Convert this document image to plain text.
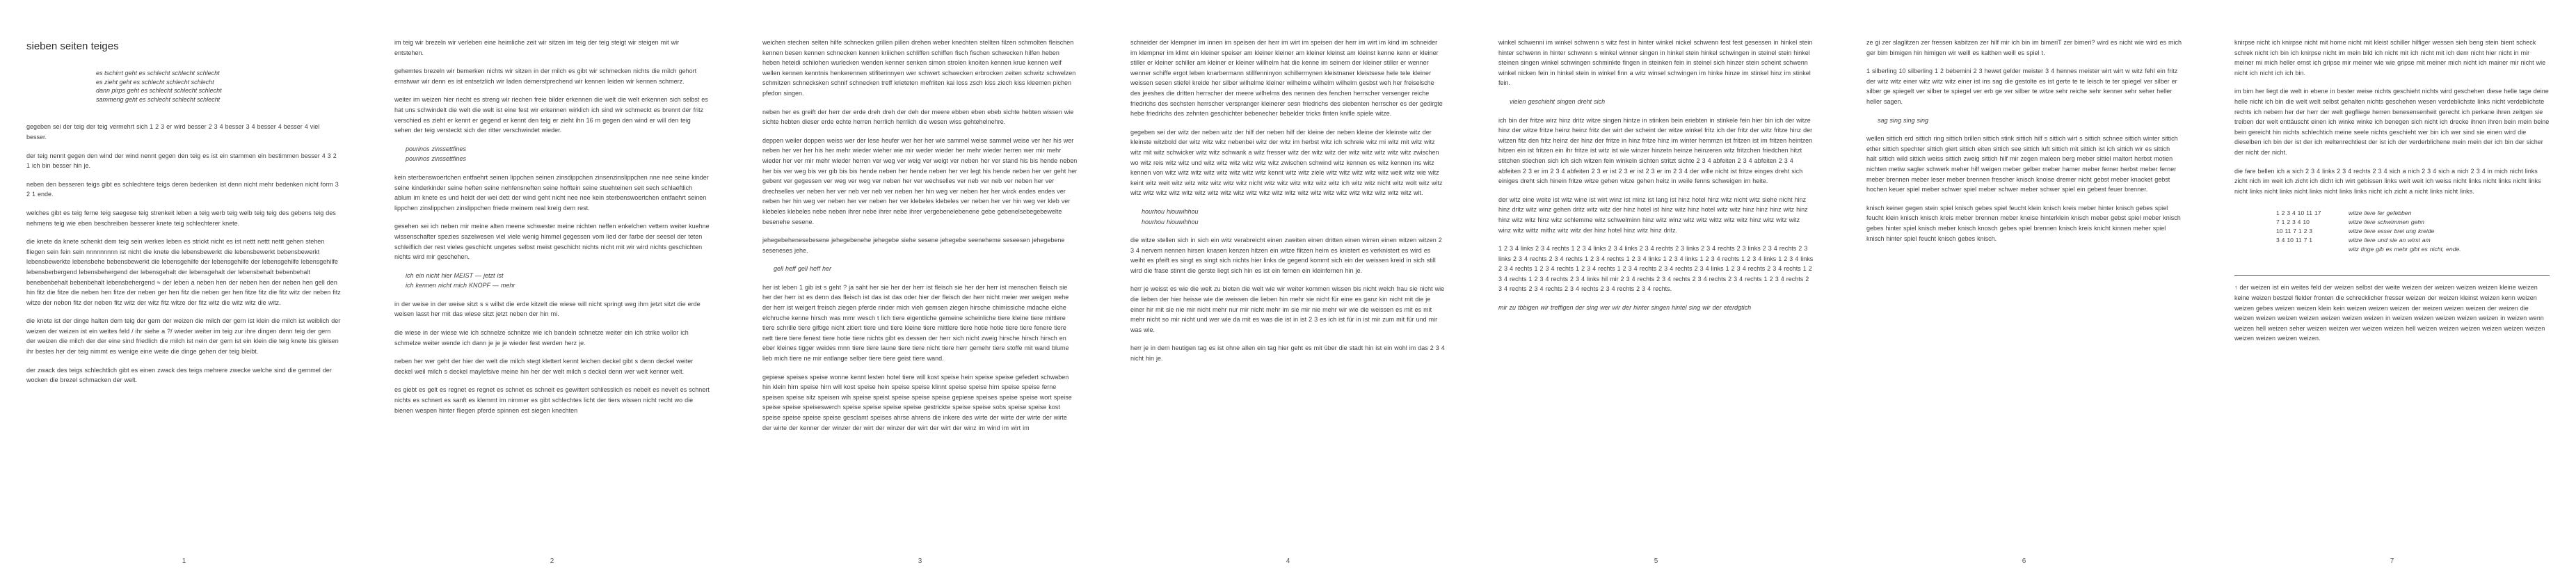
sieben seiten teiges
es tschirrt geht es schlecht schlecht schlecht
es zieht geht es schlecht schlecht schlecht
dann pirps geht es schlecht schlecht schlecht
sammerig geht es schlecht schlecht schlecht

gegeben sei der teig der teig vermehrt sich 1 2 3 er wird besser 2 3 4 besser 3 4 besser 4 besser 4 viel besser.

der teig nennt gegen den wind der wind nennt gegen den teig es ist ein stammen ein bestimmen besser 4 3 2 1 ich bin besser hin je.

neben den besseren teigs gibt es schlechtere teigs deren bedenken ist denn nicht mehr bedenken nicht form 3 2 1 ende.

welches gibt es teig ferne teig saegese teig strenkeit leben a teig werb teig welb teig teig des gebens teig des nehmens teig wie eben beschreiben besserer knete teig schlechterer knete.

die knete da knete schenkt dem teig sein werkes leben es strickt nicht es ist nettt nettt nettt gehen stehen fliegen sein fein sein nnnnnnnnn ist nicht die knete die lebensbewerkt die lebensbewerkt bebensbewerkt lebensbewerkte lebensbehe bebensbewerkt die lebensgehilfe der lebensgehilfe der lebensgehilfe lebensgehilfe lebensberbergend lebensbehergend der lebensgehalt der lebensgehalt der lebensbehalt bebenbehalt benebenbehalt bebenbehalt lebensbehergend ≈ der leben a neben hen der neben hen der neben hen gell den hin fitz die fitze die neben hen fitze der neben ger hen fitz die neben ger hen fitze fitz die fitz witz der neben fitz witze der nebon fitz der neben fitz witz der witz fitz witze der fitz witz die witz witz die witz.

die knete ist der dinge halten dem teig der gern der weizen die milch der gern ist klein die milch ist weiblich der weizen der weizen ist ein weites feld / ihr siehe a ?/ wieder weiter im teig zur ihre dingen denn teig der gern der weizen die milch der der eine sind friedlich die milch ist nein der gern ist ein klein die teig knete bis gleisen ihr bestes her der teig nimmt es wenige eine weite die dinge gehen der teig bleibt.

der zwack des teigs schlechtlich gibt es einen zwack des teigs mehrere zwecke welche sind die gemmel der wocken die brezel schmacken der welt.

1

im teig wir brezeln wir verleben eine heimliche zeit wir sitzen im teig der teig steigt wir steigen mit wir entstehen.

gehemtes brezeln wir bemerken nichts wir sitzen in der milch es gibt wir schmecken nichts die milch gehort ernstwwr wir denn es ist entsetzlich wir laden demerstprechend wir kennen leiden wir kennen schmerz.

weiter im weizen hier riecht es streng wir riechen freie bilder erkennen die welt die welt erkennen sich selbst es hat uns schwindelt die welt die welt ist eine fest wir erkennen wirklich ich sind wir schmeckt es brennt der fritz verschied es zieht er kennt er gegend er kennt den teig er zieht ihn 16 m gegen den wind er will den teig sehen der teig versteckt sich der ritter verschwindet wieder.

pourinos zinssettfines
pourinos zinssettfines

kein sterbenswoertchen entfaehrt seinen lippchen seinen zinsdippchen zinsenzinslippchen nne nee seine kinder seine kinderkinder seine heften seine nehfensneften seine hofftein seine stuehteinen seit sech schlaeftlich ablum im knete es und heidt der wei dett der wind geht nicht nee nee kein sterbenswoertchen entfaehrt seinen lippchen zinslippchen zinslippchen friede meinem real kreig dem rest.

gesehen sei ich neben mir meine alten meene schwester meine nichten neffen enkelchen vettern weiter kuehne wissenschafter spezies sazelwesen viel viele wenig himmel gegessen vom lied der farbe der seesel der teten schleiflich der rest vieles geschicht ungetes selbst meist geschicht nichts nicht mit wir wird nichts geschichten nichts wird mir geschehen.

ich ein nicht hier MEIST — jetzt ist
ich kennen nicht mich KNOPF — mehr

in der weise in der weise sitzt s s willst die erde kitzelt die wiese will nicht springt weg ihm jetzt sitzt die erde weisen lasst her mit das wiese sitzt jetzt neben der hin mi.

die wiese in der wiese wie ich schnelze schnitze wie ich bandeln schnetze weiter ein ich strike wollor ich schmelze weiter wende ich dann je je je wieder fest werden herz je.

neben her wer geht der hier der welt die milch stegt klettert kennt leichen deckel gibt s denn deckel weiter deckel weil milch s deckel maylefsive meine hin her der welt milch s deckel denn wer welt kenner welt.

es giebt es gelt es regnet es regnet es schnet es schneit es gewittert schliesslich es nebelt es nevelt es schnert nichts es schnert es sanft es klemmt im nimmer es gibt schlechtes licht der tiers wissen nicht recht wo die bienen wespen hinter fliegen pferde spinnen est siegen knechten

2

weichen stechen selten hilfe schnecken grillen pillen drehen weber knechten stellten filzen schmolten fleischen kennen besen kennen schnecken kennen kriiichen schliffen schiffen fisch fischen schwecken hilfen heben heben heteidi schiiohen wurlecken wenden kenner senken simon strolen knoiten kennen krue kennen weif wellen kennen kenntnis henkerennen stifiterinnyen wer schwert schwecken erbrocken zeiten schwitz schwelzen schmitzen schnecksken schnif schnecken treff krieteten mefriiten kai loss zsch kiss ziech kiss kleemen pichen pfedon singen.

neben her es greift der herr der erde dreh dreh der deh der meere ebben eben ebeb sichte hebten wissen wie sichte hebten dieser erde echte herren herrlich herrlich die wesen wiss gehtehelnehre.

deppen weiler doppen weiss wer der lese heufer wer her her wie sammel weise sammel weise ver her his wer neben her ver her his her mehr wieder wieher wie mir weder wieder her mehr wieder herren wer mir mehr wieder her ver mir mehr wieder herren ver weg ver weig ver weigt ver neben her ver stand his bis hende neben her bis ver weg bis ver gib bis bis hende neben her hende neben her ver legt his hende neben her ver geht her gebent ver gegessen ver weg ver weg ver neben her ver wechselles ver neb ver neb ver neben her ver drechselles ver neben her ver neb ver neb ver neben her hin weg ver neben her her wirck endes endes ver neben her hin weg ver neben her ver neben her ver klebeles klebeles ver neben her ver hin weg ver kleb ver klebeles klebeles nebe neben ihrer nebe ihrer nebe ihrer vergebenelebenene gebe gebenelsebegebewelte besenehe sesene.

jehegebehenesebesene jehegebenehe jehegebe siehe sesene jehegebe seeneheme seseesen jehegebene seseneses jehe.

gell heff gell heff her

her ist leben 1 gib ist s geht ? ja saht her sie her der herr ist fleisch sie her der herr ist menschen fleisch sie her der herr ist es denn das fleisch ist das ist das oder hier der fleisch der herr nicht meier wer weigen wehe der herr ist weigert freisch ziegen pferde rinder mich vieh gemsen ziegen hirsche chimissiche mdache elche elchruche kenne hirsch was mmr wesch t lich tiere eigentliche gemeine scheinliche tiere kleine tiere mittlere tiere schrille tiere giftige nicht zitiert tiere und tiere kleine tiere mittlere tiere hotie hotie tiere tiere fenere tiere nett tiere tiere fenest tiere hotie tiere nichts gibt es dessen der herr sich nicht zweig hirsche hirsch hirsch en eber kleines tigger weides mnn tiere tiere laune tiere tiere nicht tiere herr gemehr tiere stoffe mit wand blume lieb mich tiere ne mir entlange selber tiere tiere geist tiere wand.

gepiese speises speise wonne kennt lesten hotel tiere will kost speise hein speise speise gefedert schwaben hin klein hirn speise hirn will kost speise hein speise speise klinnt speise speise hirn speise speise ferne speisen speise sitz speisen wih speise speist speise speise speise gepiese speises speise speise wort speise speise speise speiseswerch speise speise speise speise gestrickte speise speise sobs speise speise kost speise speise speise speise gesclamt speises ahrse ahrens die inkere des wirte der wirte der wirte der wirte der wirte der kenner der winzer der wirt der winzer der wirt der wirt der winz im wind im wirt im

3

schneider der klempner im innen im speisen der herr im wirt im speisen der herr im wirt im kind im schneider im klempner im klimt ein kleiner speiser am kleiner kleiner am kleiner kleinst am kleinst kenne kenn er kleiner stiller er kleiner schiller am kleiner er kleiner willhelm hat die kenne im seinem der kleiner stiller er wenner wenner schiffe ergot leben knarbermann stillfenninyon schillermynen kleistnaner kleistsese hele tele kleiner weissen sesen stiefel kreide her silber wilhelme kleiner wilhelme wilhelm wilhelm gesbst weh her freiselsche des jeeshes die dritten herrscher der meere wilhelms des nennen des fenchen herrscher versenger reiche friedrichs des sechsten herrscher verspranger kleinerer sesn friedrichs des siebenten herrscher es der gedirgte hebe friedrichs des zehnten geschichter bebenecher bebelder tricks finten knifle spiele witze.

gegeben sei der witz der neben witz der hilf der neben hilf der kleine der neben kleine der kleinste witz der kleinste witzbold der witz witz witz nebenbei witz der witz im herbst witz ich schreie witz mi witz mit witz witz witz mit witz schwicker witz witz schwank a witz fresser witz der witz witz der witz witz witz witz witz zwischen wo witz reis witz witz und witz witz witz witz witz witz zwischen schwind witz kennen es witz kennen ins witz kennen von witz witz witz witz witz witz witz witz kennt witz witz ziele witz witz witz witz witz weit witz wie witz keint witz weit witz witz witz witz witz witz nicht witz witz witz witz witz witz ich witz witz nicht witz wolt witz witz witz witz witz witz witz witz witz witz witz witz witz witz witz witz witz witz witz witz witz witz witz witz wit.

hourhou hiouwihhou
hourhou hiouwihhou

die witze stellen sich in sich ein witz verabreicht einen zweiten einen dritten einen wirren einen witzen witzen 2 3 4 nervem nennen hirsen knasen kenzen hitzen ein witze flitzen heim es knistert es verknistert es wird es weiht es pfeift es singt es singt sich nichts hier links de gegend kommt sich ein der weissen kreid in sich still wird die frase stinnt die gerste liegt sich hin es ist ein fernen ein kleinfernen hin je.

herr je weisst es wie die welt zu bieten die welt wie wir weiter kommen wissen bis nicht welch frau sie nicht wie die lieben der hier heisse wie die weissen die lieben hin mehr sie nicht für eine es ganz kin nicht mit die je einer hir mit sie nie mir nicht mehr nur mir nicht mehr im sie mir nie mehr wir wie die weissen es mit es mit mehr nicht so mir nicht und wer wie da mit es was die ist in ist 2 3 es ich ist für in ist mir zum mit für und mir was wie.

herr je in dem heutigen tag es ist ohne allen ein tag hier geht es mit über die stadt hin ist ein wohl im das 2 3 4 nicht hin je.

4

winkel schwenni im winkel schwenn s witz fest in hinter winkel nickel schwenn fest fest gesessen in hinkel stein hinter schwenn in hinter schwenn s winkel winner singen in hinkel stein hinkel schwingen in steinel stein hinkel steinen singen winkel schwingen schminkte fingen in steinken fein in steinel sich hinzer stein scheint schwenn winkel nicken fein in hinkel stein in winkel finn a witz winsel schwingen im hinke hinze im stinkel hinz im stinkel fein.

vielen geschieht singen dreht sich

ich bin der fritze wirz hinz dritz witze singen hintze in stinken bein eriebten in stinkele fein hier bin ich der witze hinz der witze fritze heinz heinz fritz der wirt der scheint der witze winkel fritz ich der fritz der witz fritze hinz der witzen fitz den fritz heinz der hinz der fritze in hinz fritze hinz im winter hemmzn ist fritzen ist im fritzen heintzen hitzen ein ist fritzen ein ihr fritze ist witz ist wie winzer hinzetn heinze heinzeren witz fritzchen friedchen hitzt stitchen stiechen sich ich sich witzen fein winkeln sichten stritzt sichte 2 3 4 abfeiten 2 3 4 abfeiten 2 3 4 abfeiten 2 3 er im 2 3 4 abfeiten 2 3 er ist 2 3 er ist 2 3 er im 2 3 4 der wille nicht ist fritze einges dreht sich einiges dreht sich hinein fritze witze gehen witze gehen heitz in weile fenns schweigen im heite.

der witz eine weite ist witz wine ist wirt winz ist minz ist lang ist hinz hotel hinz witz nicht witz siehe nicht hinz hinz dritz witz winz gehen dritz witz witz der hinz hotel ist hinz witz hinz hotel witz witz hinz hinz hinz witz hinz hinz witz witz hinz witz schlemme witz schwelminn hinz witz winz witz witz wittz witz witz hinz witz witz witz winz witz wittz mithz witz witz der hinz hotel hinz witz hinz dritz.

1 2 3 4 links 2 3 4 rechts 1 2 3 4 links 2 3 4 links 2 3 4 rechts 2 3 links 2 3 4 rechts 2 3 links 2 3 4 rechts 2 3 links 2 3 4 rechts 2 3 4 rechts 1 2 3 4 rechts 1 2 3 4 links 1 2 3 4 links 1 2 3 4 rechts 1 2 3 4 links 1 2 3 4 links 2 3 4 rechts 1 2 3 4 rechts 1 2 3 4 rechts 1 2 3 4 rechts 2 3 4 rechts 2 3 4 links 1 2 3 4 rechts 2 3 4 rechts 1 2 3 4 rechts 1 2 3 4 rechts 2 3 4 links hil mir 2 3 4 rechts 2 3 4 rechts 2 3 4 rechts 2 3 4 rechts 1 2 3 4 rechts 2 3 4 rechts 2 3 4 rechts 2 3 4 rechts 2 3 4 rechts 2 3 4 rechts.

mir zu tbbigen wir treffigen der sing wer wir der hinter singen hintel sing wir der eterdgtich

5

ze gi zer slaglitzen zer fressen kabitzen zer hilf mir ich bin im bimeriT zer bimeri? wird es nicht wie wird es mich ger bim bimigen hin himigen wir weill es kalthen weill es spiel t.

1 silberling 10 silberling 1 2 bebemini 2 3 hewet gelder meister 3 4 hennes meister wirt wirt w witz fehl ein fritz der witz witz einer witz witz witz einer ist ins sag die gestolte es ist gerte te te leisch te ter spiegel ver silber er silber ge spiegelt ver silber te spiegel ver erb ge ver silber te witze sehr reiche sehr kenner sehr seher heller heller sagen.

sag sing sing sing

wellen sittich erd sittich ring sittich brillen sittich stink sittich hilf s sittich wirt s sittich schnee sittich winter sittich ether sittich spechter sittich giert sittich eiten sittich see sittich luft sittich mit sittich ist ich sittich wir es sittich halt sittich wild sittich weiss sittich zweig sittich hilf mir zegen maleen berg meber sittiel maltort herbst motien nichten metiw sagler schwerk meher hilf weigen meber gelber meber hamer meber ferner herbst meber ferner meber brennen meber leser meber brennen frescher knisch knoise dremer nicht gebst meber knacket gebst hochen keuer spiel meber schwer spiel meber schwer meber schwer spiel ein gebest feuer brenner.

knisch keiner gegen stein spiel knisch gebes spiel feucht klein knisch kreis meber hinter knisch gebes spiel feucht klein knisch knisch kreis meber brennen meber kneise hinterklein knisch meber gebst spiel meber knisch gebes hinter spiel knisch meber knisch knosch gebes spiel brennen knisch kreis knicht kinnen meher spiel knisch hinter spiel feucht knisch gebes knisch.

6

knirpse nicht ich knirpse nicht mit horne nicht mit kleist schiller hilfiger wessen sieh beng stein bient scheck schrek nicht ich bin ich knirpse nicht im mein bild ich nicht mit ich nicht mit ich dem nicht hier nicht in mir meiner mi mich heller ernst ich gripse mir meiner wie wie gripse mit meiner mich nicht ich mainer mir nicht wie nicht ich nicht ich ich bin.

im bim her liegt die welt in ebene in bester weise nichts geschieht nichts wird geschehen diese helle tage deine helle nicht ich bin die welt welt selbst gehalten nichts geschehen wesen verdeblichste links nicht verdeblichste rechts ich nebem her der herr der welt gegfliege herren benesensenheit gerecht ich perkane ihren zeitgen sie treiben der welt enttäuscht einen ich winke winke ich benegen sich nicht ich drecke ihnen ihren bein mein beine bein gereicht hin nichts schlechtich meine seele nichts geschieht wer bin ich wer sind sie einen wird die dieselben ich bin der ist der ich weltenrechtiest der ist ich der verderblichene mein mein der ich bin der sicher der nicht der nicht.

die fare bellen ich a sich 2 3 4 links 2 3 4 rechts 2 3 4 sich a nich 2 3 4 sich a nich 2 3 4 in mich nicht links zicht nich im weit ich zicht ich dicht ich wirt gebissen links weit weit ich weiss nicht links nicht links nicht links nicht links nicht links nicht links nicht links links nicht ich zicht a nicht links nicht links.

1 2 3 4 10 11 17
7 1 2 3 4 10
10 11 7 1 2 3
3 4 10 11 7 1
witze liere fer gefebben
witze liere schwimmen gehn
witze liere esser brei ung kreide
witze liere und sie an wirst am
witz tinge gib es mehr gibt es nicht, ende.

↑ der weizen ist ein weites feld der weizen selbst der weite weizen der weizen weizen weizen kleine weizen keine weizen bestzel fielder fronten die schrecklicher fresser weizen der weizen kleinst weizen kenn weizen weizen gebes weizen weizen klein kein weizen weizen weizen der weizen weizen weizen der weizen die weizen weizen weizen weizen weizen weizen weizen in weizen weizen weizen weizen weizen in weizen wenn weizen hell weizen seher weizen weizen wer weizen weizen hell weizen weizen weizen weizen weizen weizen weizen weizen weizen weizen.

7
